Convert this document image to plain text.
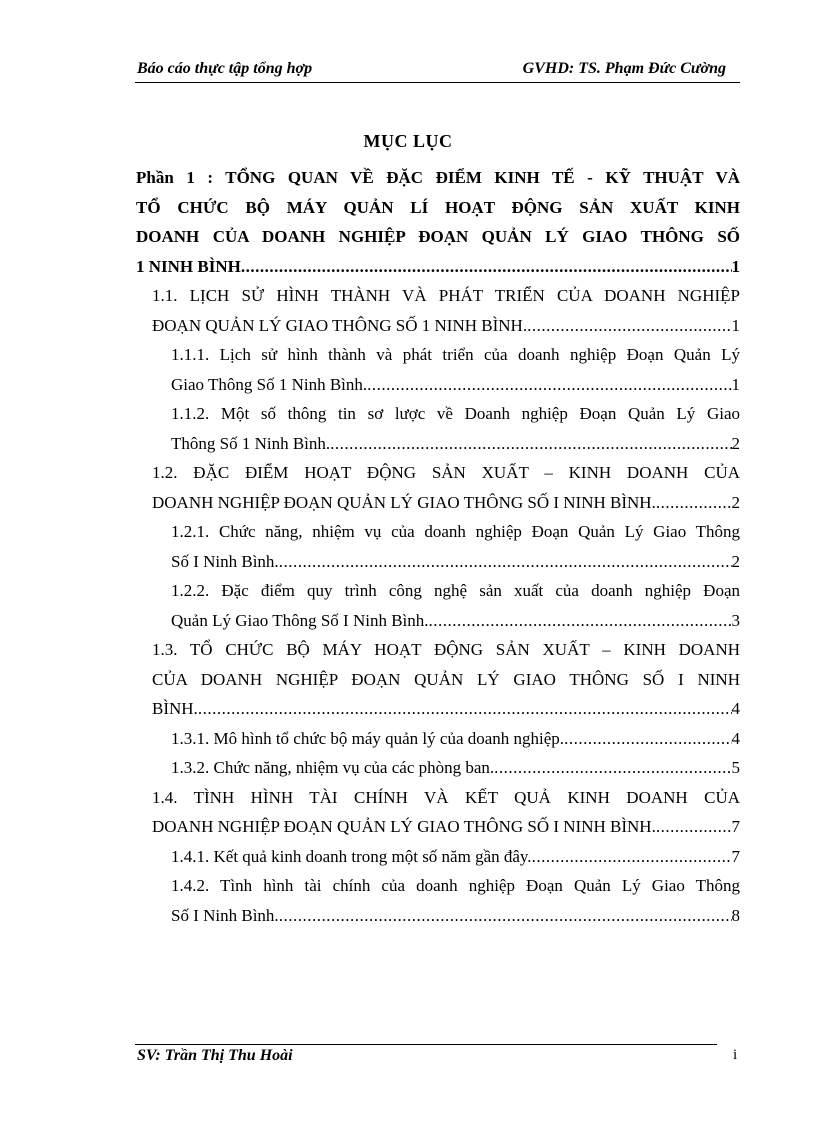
Báo cáo thực tập tổng hợp	GVHD: TS. Phạm Đức Cường
MỤC LỤC
Phần 1 : TỔNG QUAN VỀ ĐẶC ĐIỂM KINH TẾ - KỸ THUẬT VÀ
TỔ CHỨC BỘ MÁY QUẢN LÍ HOẠT ĐỘNG SẢN XUẤT KINH
DOANH CỦA DOANH NGHIỆP ĐOẠN QUẢN LÝ GIAO THÔNG SỐ
1 NINH BÌNH .....	1
1.1. LỊCH SỬ HÌNH THÀNH VÀ PHÁT TRIỂN CỦA DOANH NGHIỆP
ĐOẠN QUẢN LÝ GIAO THÔNG SỐ 1 NINH BÌNH. .....	1
1.1.1. Lịch sử hình thành và phát triển của doanh nghiệp Đoạn Quản Lý
Giao Thông Số 1 Ninh Bình. .....	1
1.1.2. Một số thông tin sơ lược về Doanh nghiệp Đoạn Quản Lý Giao
Thông Số 1 Ninh Bình. .....	2
1.2. ĐẶC ĐIỂM HOẠT ĐỘNG SẢN XUẤT – KINH DOANH CỦA
DOANH NGHIỆP ĐOẠN QUẢN LÝ GIAO THÔNG SỐ I NINH BÌNH. .....	2
1.2.1. Chức năng, nhiệm vụ của doanh nghiệp Đoạn Quản Lý Giao Thông
Số I Ninh Bình. .....	2
1.2.2. Đặc điểm quy trình công nghệ sản xuất của doanh nghiệp Đoạn
Quản Lý Giao Thông Số I Ninh Bình. .....	3
1.3. TỔ CHỨC BỘ MÁY HOẠT ĐỘNG SẢN XUẤT – KINH DOANH
CỦA DOANH NGHIỆP ĐOẠN QUẢN LÝ GIAO THÔNG SỐ I NINH
BÌNH. .....	4
1.3.1. Mô hình tổ chức bộ máy quản lý của doanh nghiệp. .....	4
1.3.2. Chức năng, nhiệm vụ của các phòng ban. .....	5
1.4. TÌNH HÌNH TÀI CHÍNH VÀ KẾT QUẢ KINH DOANH CỦA
DOANH NGHIỆP ĐOẠN QUẢN LÝ GIAO THÔNG SỐ I NINH BÌNH. .....	7
1.4.1. Kết quả kinh doanh trong một số năm gần đây. .....	7
1.4.2. Tình hình tài chính của doanh nghiệp Đoạn Quản Lý Giao Thông
Số I Ninh Bình. .....	8
SV: Trần Thị Thu Hoài	i
